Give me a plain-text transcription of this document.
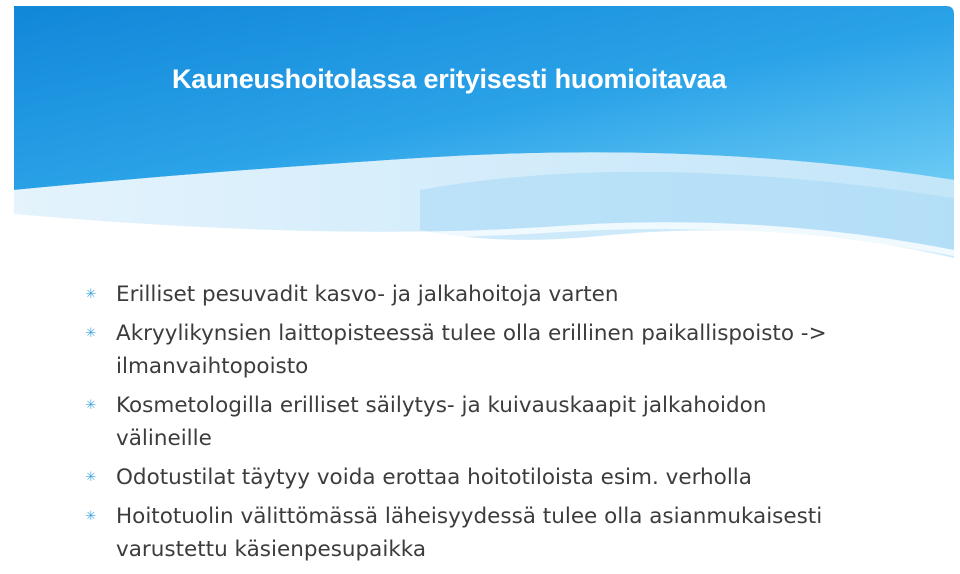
Kauneushoitolassa erityisesti huomioitavaa
✳ Erilliset pesuvadit kasvo- ja jalkahoitoja varten
✳ Akryylikynsien laittopisteessä tulee olla erillinen paikallispoisto ->
ilmanvaihtopoisto
✳ Kosmetologilla erilliset säilytys- ja kuivauskaapit jalkahoidon
välineille
✳ Odotustilat täytyy voida erottaa hoitotiloista esim. verholla
✳ Hoitotuolin välittömässä läheisyydessä tulee olla asianmukaisesti
varustettu käsienpesupaikka
